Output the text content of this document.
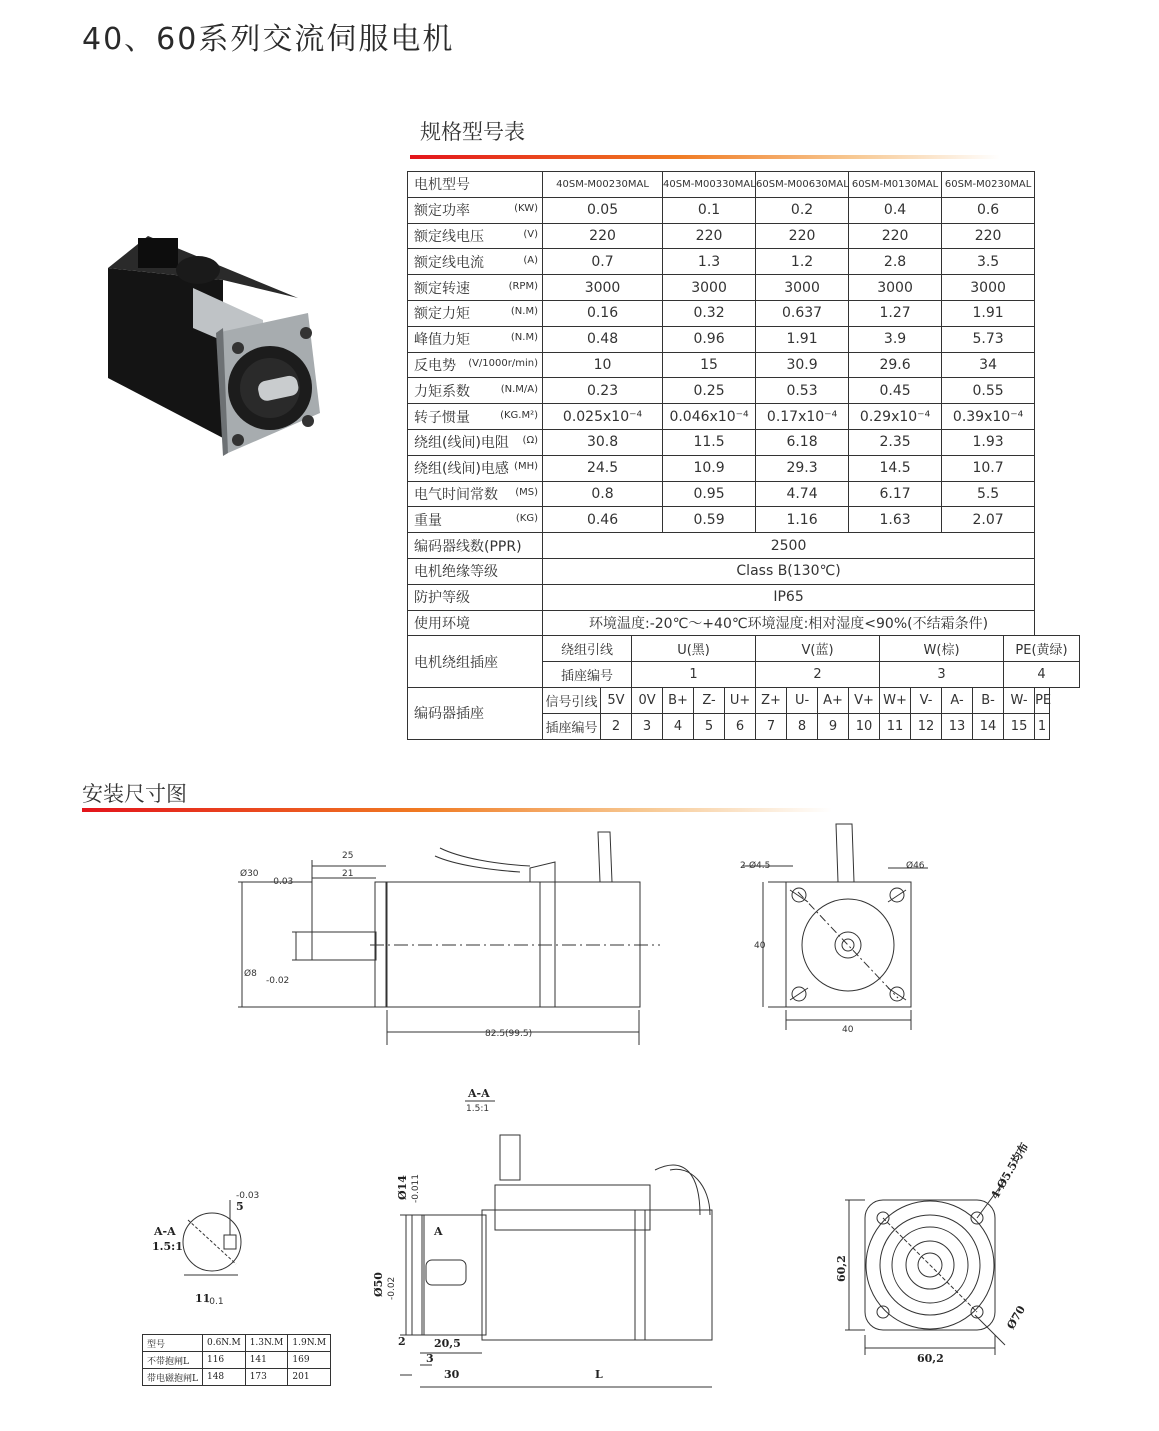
40、60系列交流伺服电机
规格型号表
电机型号	40SM-M00230MAL			40SM-M00330MAL			60SM-M00630MAL			60SM-M0130MAL			60SM-M0230MAL			
额定功率 (KW)	0.05			0.1			0.2			0.4			0.6			
额定线电压 (V)	220			220			220			220			220			
额定线电流 (A)	0.7			1.3			1.2			2.8			3.5			
额定转速 (RPM)	3000			3000			3000			3000			3000			
额定力矩 (N.M)	0.16			0.32			0.637			1.27			1.91			
峰值力矩 (N.M)	0.48			0.96			1.91			3.9			5.73			
反电势 (V/1000r/min)	10			15			30.9			29.6			34			
力矩系数 (N.M/A)	0.23			0.25			0.53			0.45			0.55			
转子惯量 (KG.M²)	0.025x10⁻⁴			0.046x10⁻⁴			0.17x10⁻⁴			0.29x10⁻⁴			0.39x10⁻⁴			
绕组(线间)电阻 (Ω)	30.8			11.5			6.18			2.35			1.93			
绕组(线间)电感 (MH)	24.5			10.9			29.3			14.5			10.7			
电气时间常数 (MS)	0.8			0.95			4.74			6.17			5.5			
重量 (KG)	0.46			0.59			1.16			1.63			2.07			
编码器线数(PPR)	2500															
电机绝缘等级	Class B(130℃)															
防护等级	IP65															
使用环境	环境温度:-20℃～+40℃环境湿度:相对湿度<90%(不结霜条件)															
电机绕组插座	绕组引线		U(黑)				V(蓝)				W(棕)				PE(黄绿)	
	插座编号		1				2				3				4	
编码器插座	信号引线	5V	0V	B+	Z-	U+	Z+	U-	A+	V+	W+	V-	A-	B-	W-	PE
	插座编号	2	3	4	5	6	7	8	9	10	11	12	13	14	15	1
安装尺寸图
25
21
Ø30
-0.03
Ø8
-0.02
82.5(99.5)
2-Ø4.5	Ø46
40
40
A-A
1.5:1
11
-0.1
5
-0.03
A
A-A
1.5:1
2	20,5
3
30	L
Ø14 -0.011
Ø50 -0.02
4-Ø5.5均布
Ø70
60,2
60,2
型号	0.6N.M	1.3N.M	1.9N.M
不带抱闸L	116	141	169
带电磁抱闸L	148	173	201
